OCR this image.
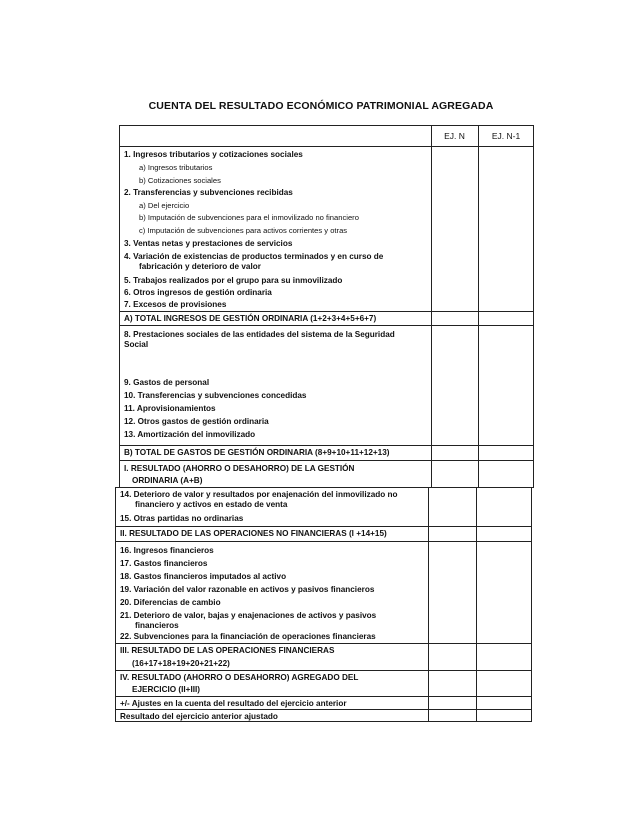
CUENTA DEL RESULTADO ECONÓMICO PATRIMONIAL AGREGADA
EJ. N	EJ. N-1
1. Ingresos tributarios y cotizaciones sociales
a) Ingresos tributarios
b) Cotizaciones sociales
2. Transferencias y subvenciones recibidas
a) Del ejercicio
b) Imputación de subvenciones para el inmovilizado no financiero
c) Imputación de subvenciones para activos corrientes y otras
3. Ventas netas y prestaciones de servicios
4. Variación de existencias de productos terminados y en curso de
fabricación y deterioro de valor
5. Trabajos realizados por el grupo para su inmovilizado
6. Otros ingresos de gestión ordinaria
7. Excesos de provisiones
A) TOTAL INGRESOS DE GESTIÓN ORDINARIA (1+2+3+4+5+6+7)
8. Prestaciones sociales de las entidades del sistema de la Seguridad
Social
9. Gastos de personal
10. Transferencias y subvenciones concedidas
11. Aprovisionamientos
12. Otros gastos de gestión ordinaria
13. Amortización del inmovilizado
B) TOTAL DE GASTOS DE GESTIÓN ORDINARIA (8+9+10+11+12+13)
I. RESULTADO (AHORRO O DESAHORRO) DE LA GESTIÓN
ORDINARIA (A+B)
14. Deterioro de valor y resultados por enajenación del inmovilizado no
financiero y activos en estado de venta
15. Otras partidas no ordinarias
II. RESULTADO DE LAS OPERACIONES NO FINANCIERAS (I +14+15)
16. Ingresos financieros
17. Gastos financieros
18. Gastos financieros imputados al activo
19. Variación del valor razonable en activos y pasivos financieros
20. Diferencias de cambio
21. Deterioro de valor, bajas y enajenaciones de activos y pasivos
financieros
22. Subvenciones para la financiación de operaciones financieras
III. RESULTADO DE LAS OPERACIONES FINANCIERAS
(16+17+18+19+20+21+22)
IV. RESULTADO (AHORRO O DESAHORRO) AGREGADO DEL
EJERCICIO (II+III)
+/- Ajustes en la cuenta del resultado del ejercicio anterior
Resultado del ejercicio anterior ajustado
